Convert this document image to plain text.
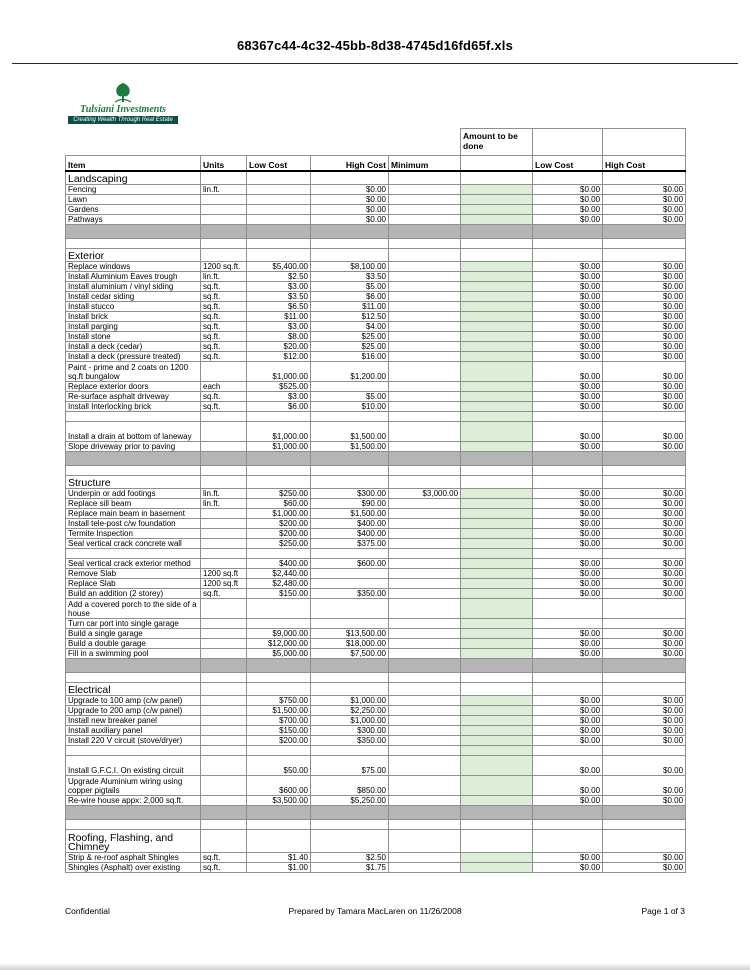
68367c44-4c32-45bb-8d38-4745d16fd65f.xls
Tulsiani Investments
Creating Wealth Through Real Estate
					Amount to be done		
Item	Units	Low Cost	High Cost	Minimum		Low Cost	High Cost
Landscaping							
Fencing	lin.ft.		$0.00			$0.00	$0.00
Lawn			$0.00			$0.00	$0.00
Gardens			$0.00			$0.00	$0.00
Pathways			$0.00			$0.00	$0.00

Exterior							
Replace windows	1200 sq.ft.	$5,400.00	$8,100.00			$0.00	$0.00
Install Aluminium Eaves trough	lin.ft.	$2.50	$3.50			$0.00	$0.00
Install aluminium / vinyl siding	sq.ft.	$3.00	$5.00			$0.00	$0.00
Install cedar siding	sq.ft.	$3.50	$6.00			$0.00	$0.00
Install stucco	sq.ft.	$6.50	$11.00			$0.00	$0.00
Install brick	sq.ft.	$11.00	$12.50			$0.00	$0.00
Install parging	sq.ft.	$3.00	$4.00			$0.00	$0.00
Install stone	sq.ft.	$8.00	$25.00			$0.00	$0.00
Install a deck (cedar)	sq.ft.	$20.00	$25.00			$0.00	$0.00
Install a deck (pressure treated)	sq.ft.	$12.00	$16.00			$0.00	$0.00
Paint - prime and 2 coats on 1200 sq.ft bungalow		$1,000.00	$1,200.00			$0.00	$0.00
Replace exterior doors	each	$525.00				$0.00	$0.00
Re-surface asphalt driveway	sq.ft.	$3.00	$5.00			$0.00	$0.00
Install Interlocking brick	sq.ft.	$6.00	$10.00			$0.00	$0.00

Install a drain at bottom of laneway		$1,000.00	$1,500.00			$0.00	$0.00
Slope driveway prior to paving		$1,000.00	$1,500.00			$0.00	$0.00

Structure							
Underpin or add footings	lin.ft.	$250.00	$300.00	$3,000.00		$0.00	$0.00
Replace sill beam	lin.ft.	$60.00	$90.00			$0.00	$0.00
Replace main beam in basement		$1,000.00	$1,500.00			$0.00	$0.00
Install tele-post c/w foundation		$200.00	$400.00			$0.00	$0.00
Termite Inspection		$200.00	$400.00			$0.00	$0.00
Seal vertical crack concrete wall		$250.00	$375.00			$0.00	$0.00

Seal vertical crack exterior method		$400.00	$600.00			$0.00	$0.00
Remove Slab	1200 sq.ft	$2,440.00				$0.00	$0.00
Replace Slab	1200 sq.ft	$2,480.00				$0.00	$0.00
Build an addition (2 storey)	sq.ft.	$150.00	$350.00			$0.00	$0.00
Add a covered porch to the side of a house							
Turn car port into single garage							
Build a single garage		$9,000.00	$13,500.00			$0.00	$0.00
Build a double garage		$12,000.00	$18,000.00			$0.00	$0.00
Fill in a swimming pool		$5,000.00	$7,500.00			$0.00	$0.00

Electrical							
Upgrade to 100 amp (c/w panel)		$750.00	$1,000.00			$0.00	$0.00
Upgrade to 200 amp (c/w panel)		$1,500.00	$2,250.00			$0.00	$0.00
Install new breaker panel		$700.00	$1,000.00			$0.00	$0.00
Install auxiliary panel		$150.00	$300.00			$0.00	$0.00
Install 220 V circuit (stove/dryer)		$200.00	$350.00			$0.00	$0.00

Install G.F.C.I. On existing circuit		$50.00	$75.00			$0.00	$0.00
Upgrade Aluminium wiring using copper pigtails		$600.00	$850.00			$0.00	$0.00
Re-wire house appx: 2,000 sq.ft.		$3,500.00	$5,250.00			$0.00	$0.00

Roofing, Flashing, and Chimney							
Strip & re-roof asphalt Shingles	sq.ft.	$1.40	$2.50			$0.00	$0.00
Shingles (Asphalt) over existing	sq.ft.	$1.00	$1.75			$0.00	$0.00
Confidential	Prepared by Tamara MacLaren on 11/26/2008	Page 1 of 3
